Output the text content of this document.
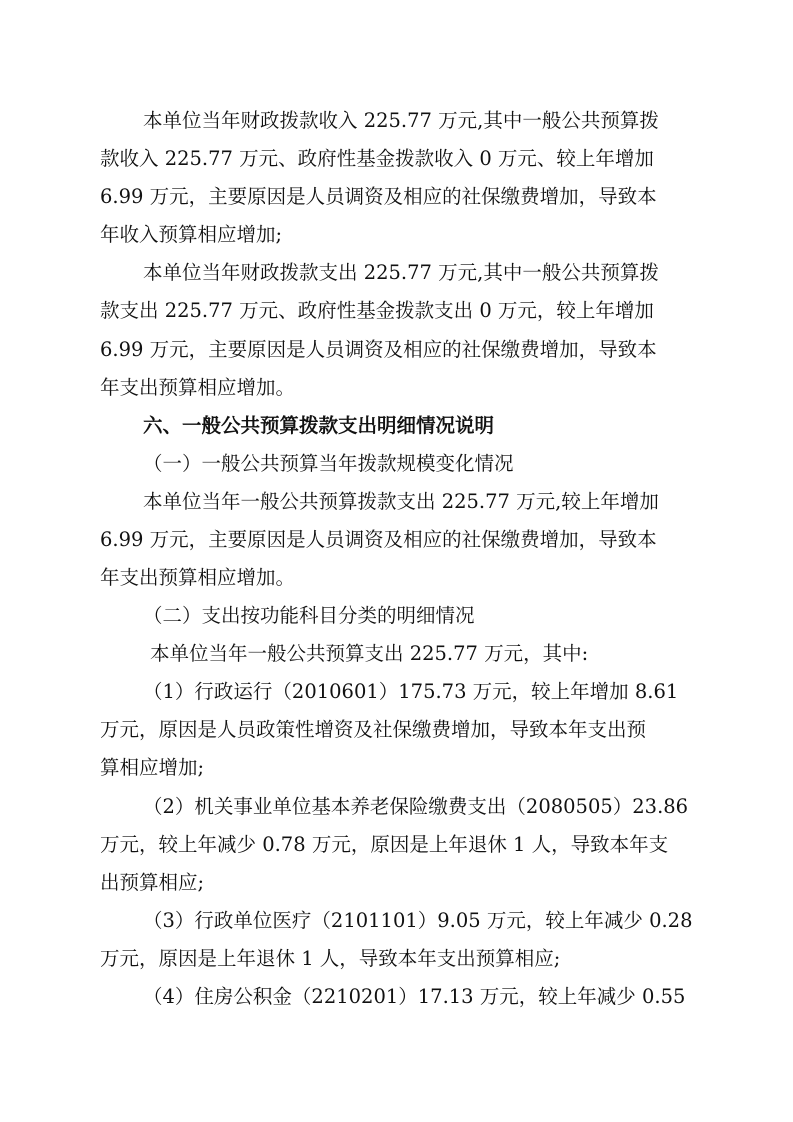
本单位当年财政拨款收入 225.77 万元,其中一般公共预算拨
款收入 225.77 万元、政府性基金拨款收入 0 万元、较上年增加
6.99 万元，主要原因是人员调资及相应的社保缴费增加，导致本
年收入预算相应增加;
本单位当年财政拨款支出 225.77 万元,其中一般公共预算拨
款支出 225.77 万元、政府性基金拨款支出 0 万元，较上年增加
6.99 万元，主要原因是人员调资及相应的社保缴费增加，导致本
年支出预算相应增加。
六、一般公共预算拨款支出明细情况说明
（一）一般公共预算当年拨款规模变化情况
本单位当年一般公共预算拨款支出 225.77 万元,较上年增加
6.99 万元，主要原因是人员调资及相应的社保缴费增加，导致本
年支出预算相应增加。
（二）支出按功能科目分类的明细情况
本单位当年一般公共预算支出 225.77 万元，其中:
（1）行政运行（2010601）175.73 万元，较上年增加 8.61
万元，原因是人员政策性增资及社保缴费增加，导致本年支出预
算相应增加;
（2）机关事业单位基本养老保险缴费支出（2080505）23.86
万元，较上年减少 0.78 万元，原因是上年退休 1 人，导致本年支
出预算相应;
（3）行政单位医疗（2101101）9.05 万元，较上年减少 0.28
万元，原因是上年退休 1 人，导致本年支出预算相应;
（4）住房公积金（2210201）17.13 万元，较上年减少 0.55
